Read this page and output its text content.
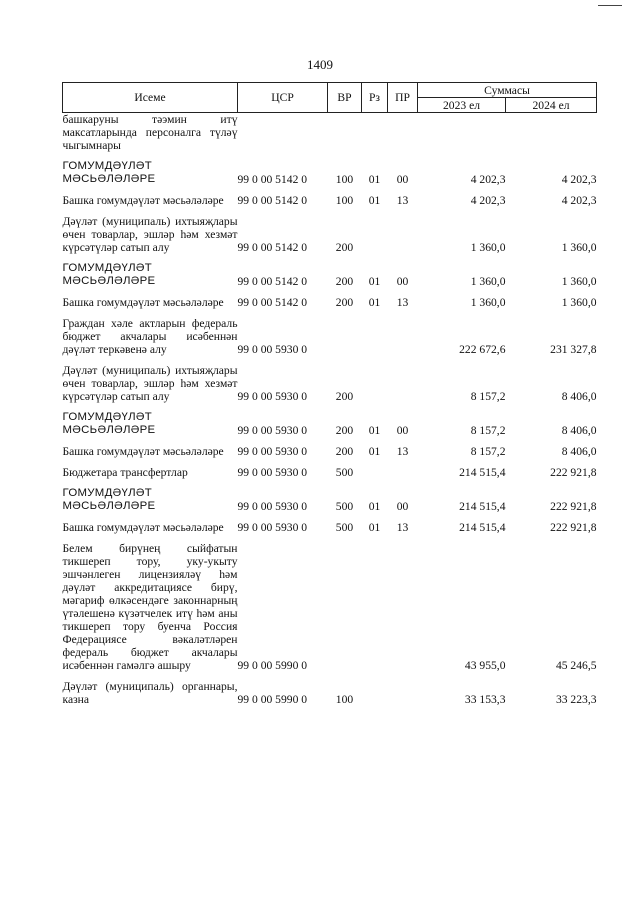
1409
Исеме	ЦСР	ВР	Рз	ПР	Суммасы	
					2023 ел	2024 ел
башкаруны тәэмин итү максатларында персоналга түләү чыгымнары						

ГОМУМДӘҮЛӘТ МӘСЬӘЛӘЛӘРЕ	99 0 00 5142 0	100	01	00	4 202,3	4 202,3

Башка гомумдәүләт мәсьәләләре	99 0 00 5142 0	100	01	13	4 202,3	4 202,3

Дәүләт (муниципаль) ихтыяҗлары өчен товарлар, эшләр һәм хезмәт күрсәтүләр сатып алу	99 0 00 5142 0	200			1 360,0	1 360,0

ГОМУМДӘҮЛӘТ МӘСЬӘЛӘЛӘРЕ	99 0 00 5142 0	200	01	00	1 360,0	1 360,0

Башка гомумдәүләт мәсьәләләре	99 0 00 5142 0	200	01	13	1 360,0	1 360,0

Граждан хәле актларын федераль бюджет акчалары исәбеннән дәүләт теркәвенә алу	99 0 00 5930 0				222 672,6	231 327,8

Дәүләт (муниципаль) ихтыяҗлары өчен товарлар, эшләр һәм хезмәт күрсәтүләр сатып алу	99 0 00 5930 0	200			8 157,2	8 406,0

ГОМУМДӘҮЛӘТ МӘСЬӘЛӘЛӘРЕ	99 0 00 5930 0	200	01	00	8 157,2	8 406,0

Башка гомумдәүләт мәсьәләләре	99 0 00 5930 0	200	01	13	8 157,2	8 406,0

Бюджетара трансфертлар	99 0 00 5930 0	500			214 515,4	222 921,8

ГОМУМДӘҮЛӘТ МӘСЬӘЛӘЛӘРЕ	99 0 00 5930 0	500	01	00	214 515,4	222 921,8

Башка гомумдәүләт мәсьәләләре	99 0 00 5930 0	500	01	13	214 515,4	222 921,8

Белем бирүнең сыйфатын тикшереп тору, уку-укыту эшчәнлеген лицензияләү һәм дәүләт аккредитациясе бирү, мәгариф өлкәсендәге законнарның үтәлешенә күзәтчелек итү һәм аны тикшереп тору буенча Россия Федерациясе вәкаләтләрен федераль бюджет акчалары исәбеннән гамәлгә ашыру	99 0 00 5990 0				43 955,0	45 246,5

Дәүләт (муниципаль) органнары, казна	99 0 00 5990 0	100			33 153,3	33 223,3
